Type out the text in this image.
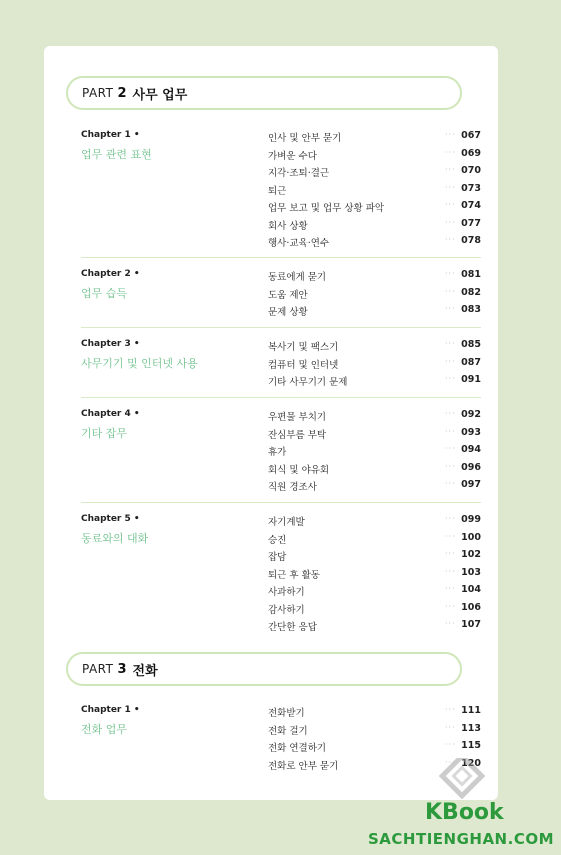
PART 2 사무 업무
Chapter 1 •
업무 관련 표현
인사 및 안부 묻기	··· 067
가벼운 수다	··· 069
지각·조퇴·결근	··· 070
퇴근	··· 073
업무 보고 및 업무 상황 파악	··· 074
회사 상황	··· 077
행사·교육·연수	··· 078
Chapter 2 •
업무 습득
동료에게 묻기	··· 081
도움 제안	··· 082
문제 상황	··· 083
Chapter 3 •
사무기기 및 인터넷 사용
복사기 및 팩스기	··· 085
컴퓨터 및 인터넷	··· 087
기타 사무기기 문제	··· 091
Chapter 4 •
기타 잡무
우편물 부치기	··· 092
잔심부름 부탁	··· 093
휴가	··· 094
회식 및 야유회	··· 096
직원 경조사	··· 097
Chapter 5 •
동료와의 대화
자기계발	··· 099
승진	··· 100
잡담	··· 102
퇴근 후 활동	··· 103
사과하기	··· 104
감사하기	··· 106
간단한 응답	··· 107
PART 3 전화
Chapter 1 •
전화 업무
전화받기	··· 111
전화 걸기	··· 113
전화 연결하기	··· 115
전화로 안부 묻기	··· 120
KBook
SACHTIENGHAN.COM
